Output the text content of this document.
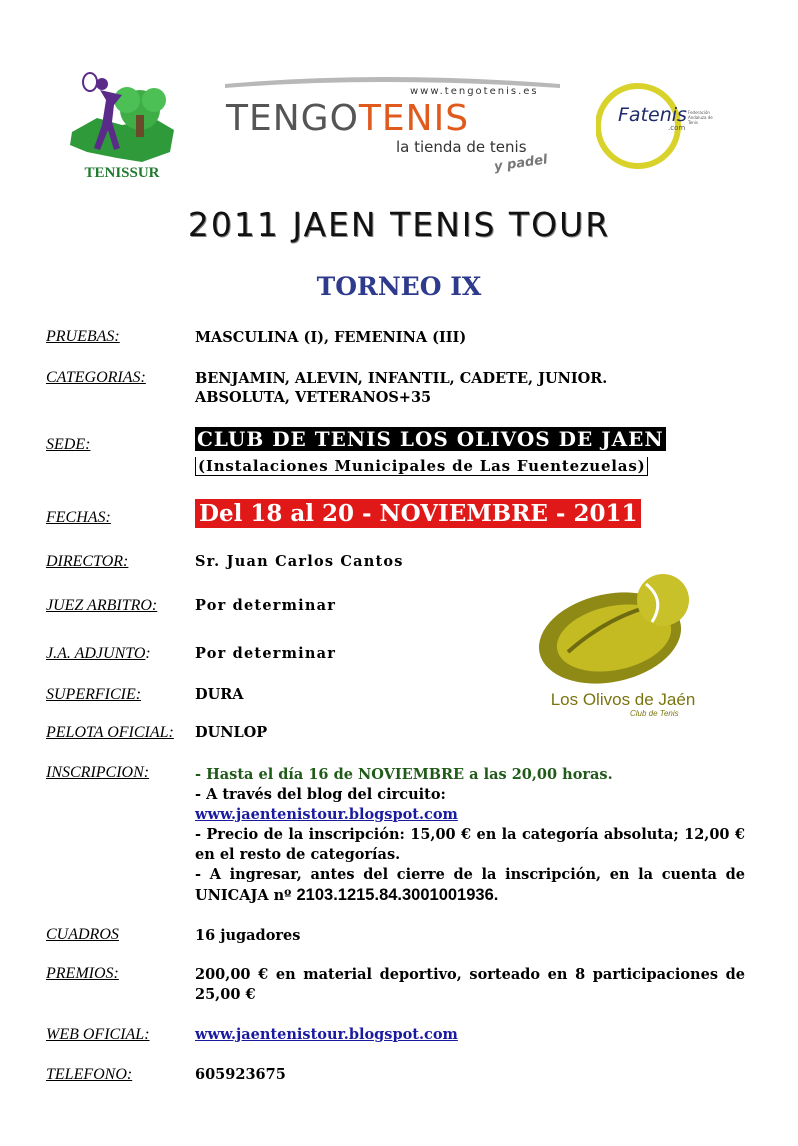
TENISSUR
www.tengotenis.es
TENGOTENIS
la tienda de tenis
y padel
Fatenis
.com
Federación Andaluza de Tenis
2011 JAEN TENIS TOUR
TORNEO IX
PRUEBAS:	MASCULINA (I), FEMENINA (III)
CATEGORIAS:	BENJAMIN, ALEVIN, INFANTIL, CADETE, JUNIOR.
ABSOLUTA, VETERANOS+35
SEDE:	CLUB DE TENIS LOS OLIVOS DE JAEN
(Instalaciones Municipales de Las Fuentezuelas)
FECHAS:	Del 18 al 20 - NOVIEMBRE - 2011
DIRECTOR:	Sr. Juan Carlos Cantos
JUEZ ARBITRO:	Por determinar
J.A. ADJUNTO:	Por determinar
SUPERFICIE:	DURA
PELOTA OFICIAL: DUNLOP
Los Olivos de Jaén
Club de Tenis
INSCRIPCION:	- Hasta el día 16 de NOVIEMBRE a las 20,00 horas.
- A través del blog del circuito:
www.jaentenistour.blogspot.com
- Precio de la inscripción: 15,00 € en la categoría absoluta; 12,00 € en el resto de categorías.
- A ingresar, antes del cierre de la inscripción, en la cuenta de UNICAJA nº 2103.1215.84.3001001936.
CUADROS	16 jugadores
PREMIOS:	200,00 € en material deportivo, sorteado en 8 participaciones de 25,00 €
WEB OFICIAL:	www.jaentenistour.blogspot.com
TELEFONO:	605923675
